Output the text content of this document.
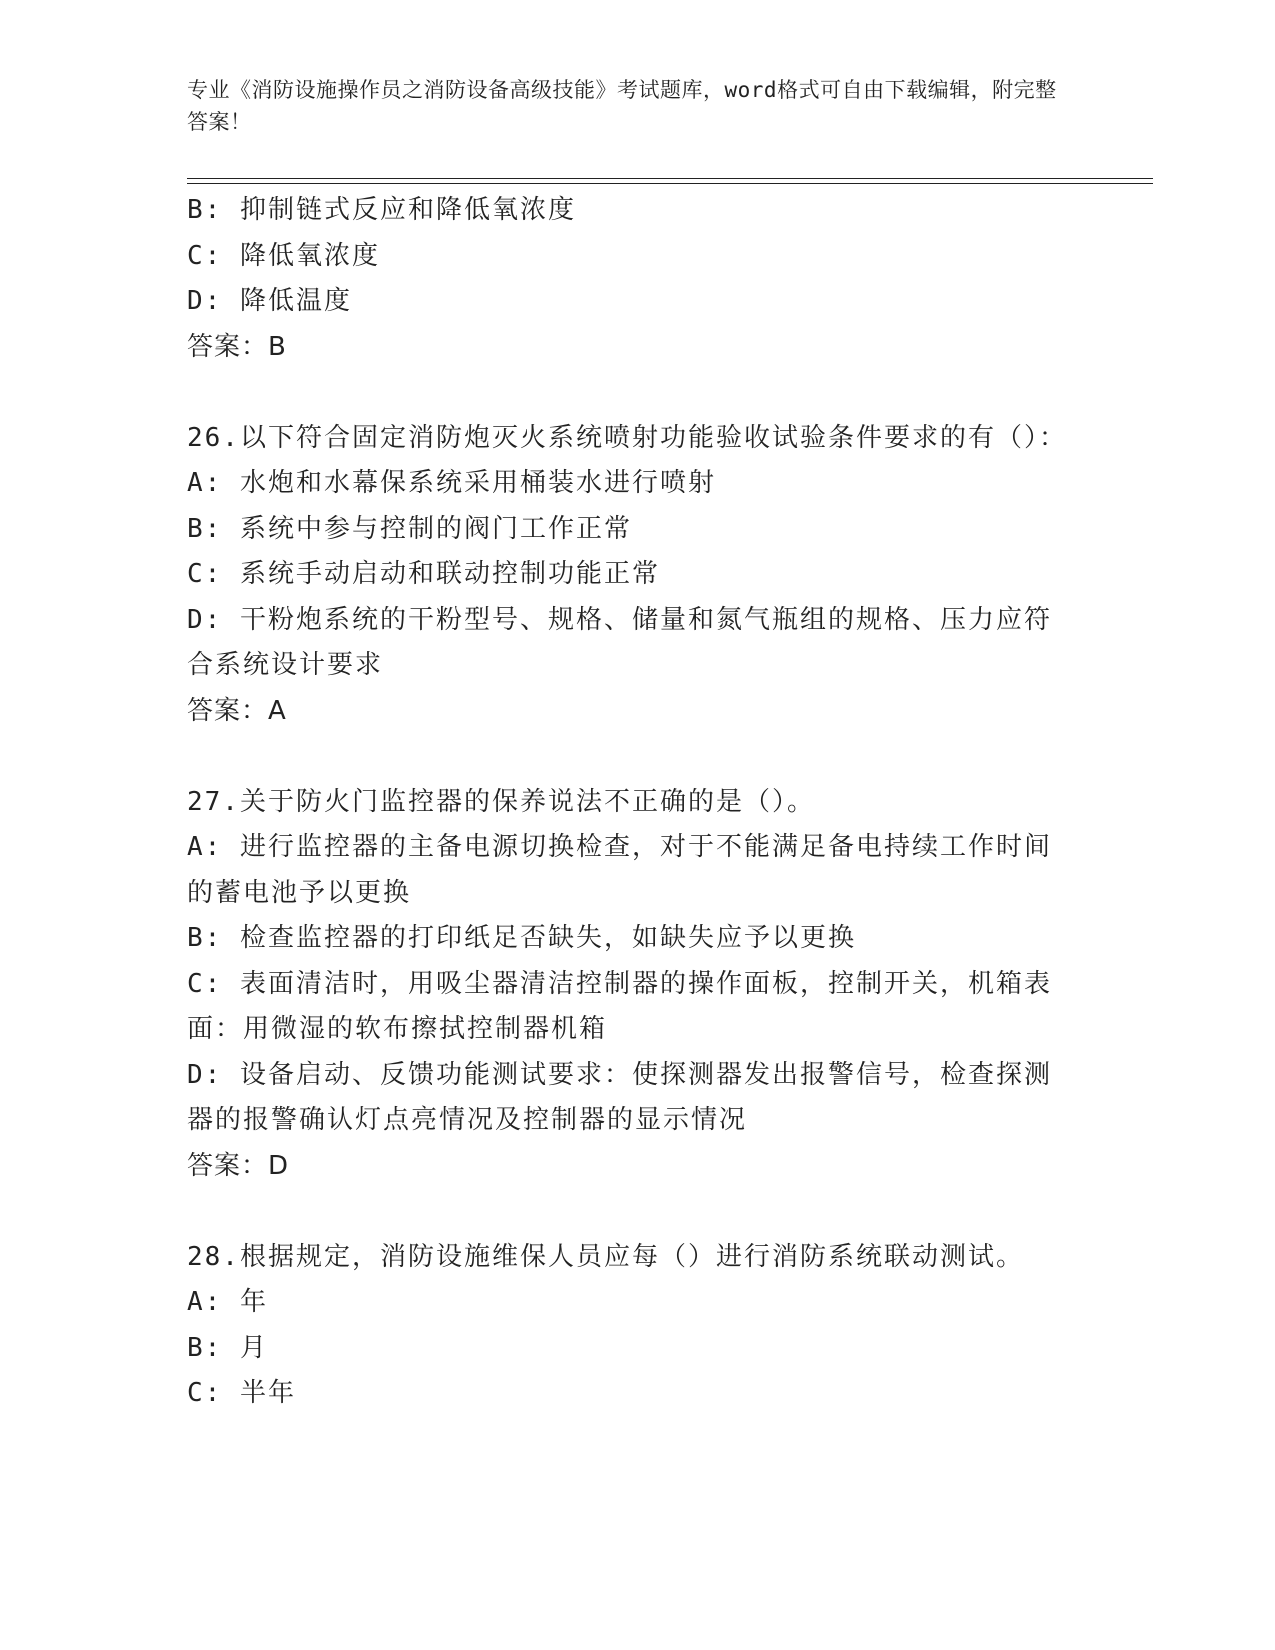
专业《消防设施操作员之消防设备高级技能》考试题库，word格式可自由下载编辑，附完整答案！
B: 抑制链式反应和降低氧浓度
C: 降低氧浓度
D: 降低温度
答案：B
26.以下符合固定消防炮灭火系统喷射功能验收试验条件要求的有（）：
A: 水炮和水幕保系统采用桶装水进行喷射
B: 系统中参与控制的阀门工作正常
C: 系统手动启动和联动控制功能正常
D: 干粉炮系统的干粉型号、规格、储量和氮气瓶组的规格、压力应符合系统设计要求
答案：A
27.关于防火门监控器的保养说法不正确的是（）。
A: 进行监控器的主备电源切换检查，对于不能满足备电持续工作时间的蓄电池予以更换
B: 检查监控器的打印纸足否缺失，如缺失应予以更换
C: 表面清洁时，用吸尘器清洁控制器的操作面板，控制开关，机箱表面：用微湿的软布擦拭控制器机箱
D: 设备启动、反馈功能测试要求：使探测器发出报警信号，检查探测器的报警确认灯点亮情况及控制器的显示情况
答案：D
28.根据规定，消防设施维保人员应每（）进行消防系统联动测试。
A: 年
B: 月
C: 半年
